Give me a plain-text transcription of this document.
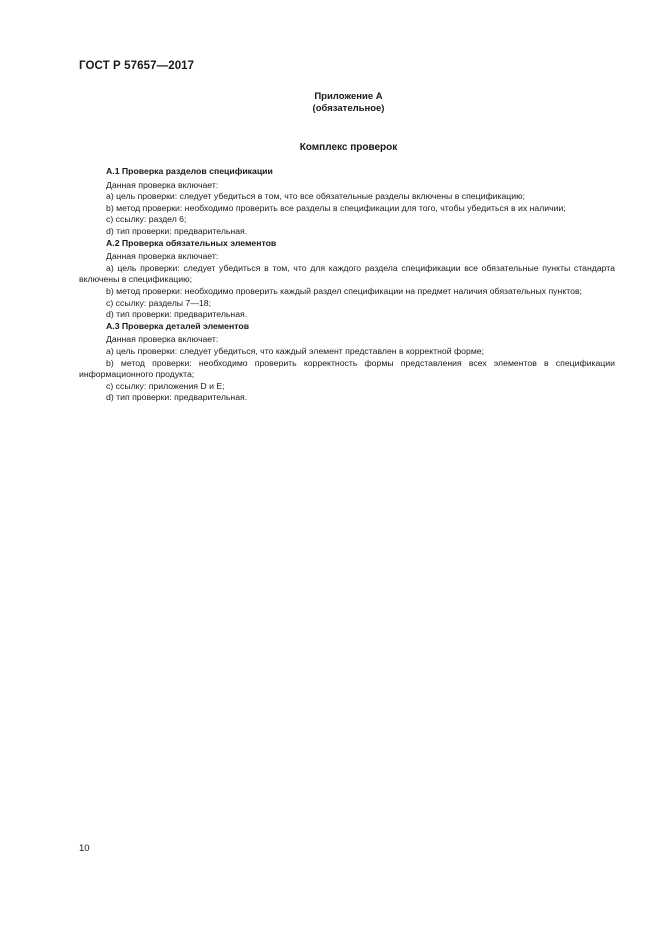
ГОСТ Р 57657—2017
Приложение А
(обязательное)
Комплекс проверок
А.1 Проверка разделов спецификации
Данная проверка включает:
а) цель проверки: следует убедиться в том, что все обязательные разделы включены в спецификацию;
b) метод проверки: необходимо проверить все разделы в спецификации для того, чтобы убедиться в их наличии;
с) ссылку: раздел 6;
d) тип проверки: предварительная.
А.2 Проверка обязательных элементов
Данная проверка включает:
а) цель проверки: следует убедиться в том, что для каждого раздела спецификации все обязательные пункты стандарта включены в спецификацию;
b) метод проверки: необходимо проверить каждый раздел спецификации на предмет наличия обязательных пунктов;
с) ссылку: разделы 7—18;
d) тип проверки: предварительная.
А.3 Проверка деталей элементов
Данная проверка включает:
а) цель проверки: следует убедиться, что каждый элемент представлен в корректной форме;
b) метод проверки: необходимо проверить корректность формы представления всех элементов в спецификации информационного продукта;
с) ссылку: приложения D и Е;
d) тип проверки: предварительная.
10
